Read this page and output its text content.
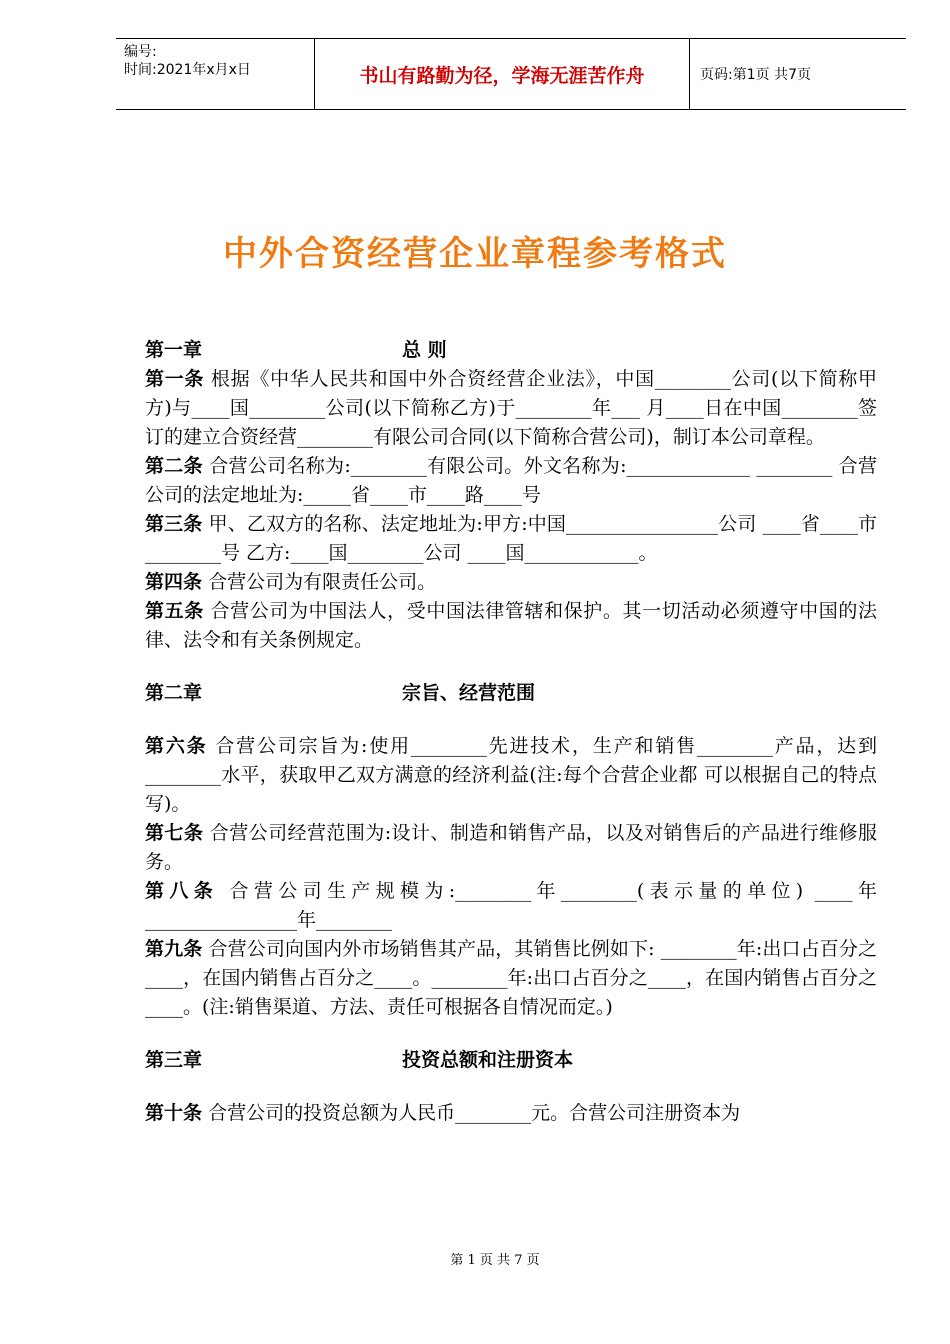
编号:
时间:2021年x月x日	书山有路勤为径，学海无涯苦作舟	页码:第1页 共7页
中外合资经营企业章程参考格式
第一章	总 则

第一条 根据《中华人民共和国中外合资经营企业法》，中国________公司(以下简称甲方)与____国________公司(以下简称乙方)于________年___ 月____日在中国________签订的建立合资经营________有限公司合同(以下简称合营公司)，制订本公司章程。

第二条 合营公司名称为:________有限公司。外文名称为:_____________ ________ 合营公司的法定地址为:_____省____市____路____号

第三条 甲、乙双方的名称、法定地址为:甲方:中国________________公司 ____省____市________号 乙方:____国________公司 ____国____________。

第四条 合营公司为有限责任公司。

第五条 合营公司为中国法人，受中国法律管辖和保护。其一切活动必须遵守中国的法律、法令和有关条例规定。

第二章	宗旨、经营范围

第六条 合营公司宗旨为:使用________先进技术，生产和销售________产品，达到________水平，获取甲乙双方满意的经济利益(注:每个合营企业都 可以根据自己的特点写)。

第七条 合营公司经营范围为:设计、制造和销售产品，以及对销售后的产品进行维修服务。

第八条 合营公司生产规模为:________年________(表示量的单位) ____年________________年________

第九条 合营公司向国内外市场销售其产品，其销售比例如下: ________年:出口占百分之____，在国内销售占百分之____。________年:出口占百分之____，在国内销售占百分之____。(注:销售渠道、方法、责任可根据各自情况而定。)

第三章	投资总额和注册资本

第十条 合营公司的投资总额为人民币________元。合营公司注册资本为

第 1 页 共 7 页
